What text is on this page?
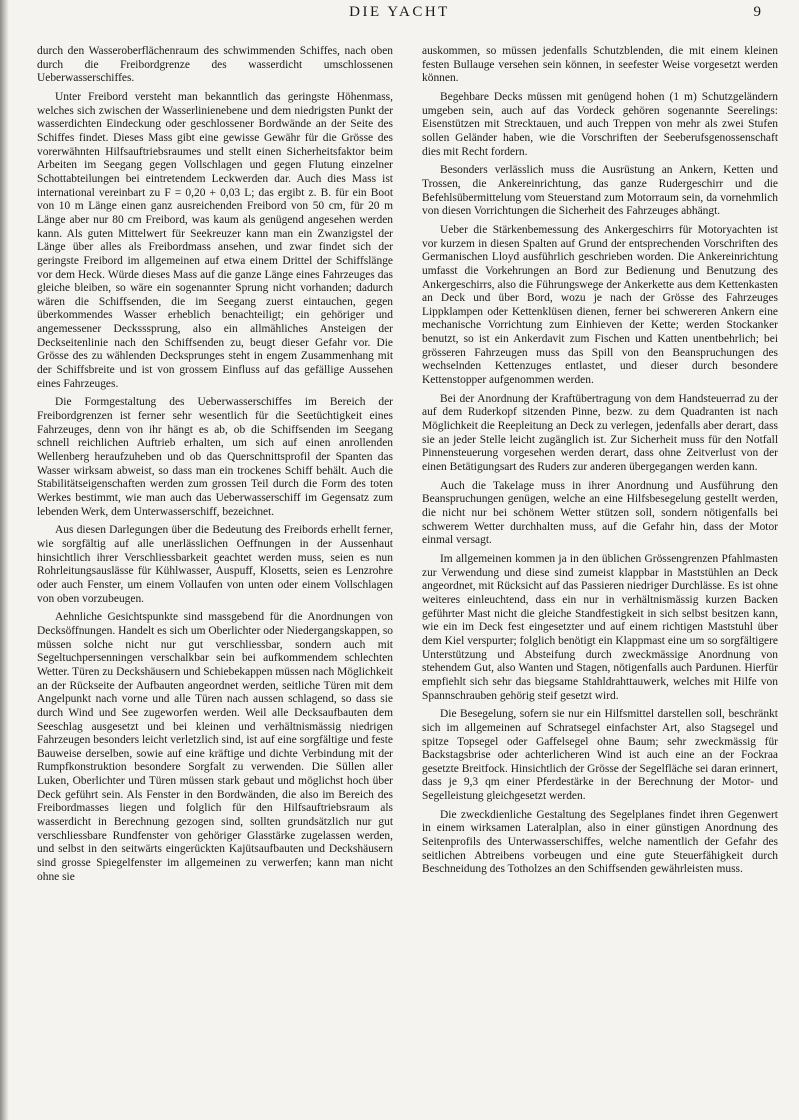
DIE YACHT	9

durch den Wasseroberflächenraum des schwimmenden Schiffes, nach oben durch die Freibordgrenze des wasserdicht umschlossenen Ueberwasserschiffes.

Unter Freibord versteht man bekanntlich das geringste Höhenmass, welches sich zwischen der Wasserlinienebene und dem niedrigsten Punkt der wasserdichten Eindeckung oder geschlossener Bordwände an der Seite des Schiffes findet. Dieses Mass gibt eine gewisse Gewähr für die Grösse des vorerwähnten Hilfsauftriebsraumes und stellt einen Sicherheitsfaktor beim Arbeiten im Seegang gegen Vollschlagen und gegen Flutung einzelner Schottabteilungen bei eintretendem Leckwerden dar. Auch dies Mass ist international vereinbart zu F = 0,20 + 0,03 L; das ergibt z. B. für ein Boot von 10 m Länge einen ganz ausreichenden Freibord von 50 cm, für 20 m Länge aber nur 80 cm Freibord, was kaum als genügend angesehen werden kann. Als guten Mittelwert für Seekreuzer kann man ein Zwanzigstel der Länge über alles als Freibordmass ansehen, und zwar findet sich der geringste Freibord im allgemeinen auf etwa einem Drittel der Schiffslänge vor dem Heck. Würde dieses Mass auf die ganze Länge eines Fahrzeuges das gleiche bleiben, so wäre ein sogenannter Sprung nicht vorhanden; dadurch wären die Schiffsenden, die im Seegang zuerst eintauchen, gegen überkommendes Wasser erheblich benachteiligt; ein gehöriger und angemessener Decksssprung, also ein allmähliches Ansteigen der Deckseitenlinie nach den Schiffsenden zu, beugt dieser Gefahr vor. Die Grösse des zu wählenden Decksprunges steht in engem Zusammenhang mit der Schiffsbreite und ist von grossem Einfluss auf das gefällige Aussehen eines Fahrzeuges.

Die Formgestaltung des Ueberwasserschiffes im Bereich der Freibordgrenzen ist ferner sehr wesentlich für die Seetüchtigkeit eines Fahrzeuges, denn von ihr hängt es ab, ob die Schiffsenden im Seegang schnell reichlichen Auftrieb erhalten, um sich auf einen anrollenden Wellenberg heraufzuheben und ob das Querschnittsprofil der Spanten das Wasser wirksam abweist, so dass man ein trockenes Schiff behält. Auch die Stabilitätseigenschaften werden zum grossen Teil durch die Form des toten Werkes bestimmt, wie man auch das Ueberwasserschiff im Gegensatz zum lebenden Werk, dem Unterwasserschiff, bezeichnet.

Aus diesen Darlegungen über die Bedeutung des Freibords erhellt ferner, wie sorgfältig auf alle unerlässlichen Oeffnungen in der Aussenhaut hinsichtlich ihrer Verschliessbarkeit geachtet werden muss, seien es nun Rohrleitungsauslässe für Kühlwasser, Auspuff, Klosetts, seien es Lenzrohre oder auch Fenster, um einem Vollaufen von unten oder einem Vollschlagen von oben vorzubeugen.

Aehnliche Gesichtspunkte sind massgebend für die Anordnungen von Decksöffnungen. Handelt es sich um Oberlichter oder Niedergangskappen, so müssen solche nicht nur gut verschliessbar, sondern auch mit Segeltuchpersenningen verschalkbar sein bei aufkommendem schlechten Wetter. Türen zu Deckshäusern und Schiebekappen müssen nach Möglichkeit an der Rückseite der Aufbauten angeordnet werden, seitliche Türen mit dem Angelpunkt nach vorne und alle Türen nach aussen schlagend, so dass sie durch Wind und See zugeworfen werden. Weil alle Decksaufbauten dem Seeschlag ausgesetzt und bei kleinen und verhältnismässig niedrigen Fahrzeugen besonders leicht verletzlich sind, ist auf eine sorgfältige und feste Bauweise derselben, sowie auf eine kräftige und dichte Verbindung mit der Rumpfkonstruktion besondere Sorgfalt zu verwenden. Die Süllen aller Luken, Oberlichter und Türen müssen stark gebaut und möglichst hoch über Deck geführt sein. Als Fenster in den Bordwänden, die also im Bereich des Freibordmasses liegen und folglich für den Hilfsauftriebsraum als wasserdicht in Berechnung gezogen sind, sollten grundsätzlich nur gut verschliessbare Rundfenster von gehöriger Glasstärke zugelassen werden, und selbst in den seitwärts eingerückten Kajütsaufbauten und Deckshäusern sind grosse Spiegelfenster im allgemeinen zu verwerfen; kann man nicht ohne sie

auskommen, so müssen jedenfalls Schutzblenden, die mit einem kleinen festen Bullauge versehen sein können, in seefester Weise vorgesetzt werden können.

Begehbare Decks müssen mit genügend hohen (1 m) Schutzgeländern umgeben sein, auch auf das Vordeck gehören sogenannte Seerelings: Eisenstützen mit Strecktauen, und auch Treppen von mehr als zwei Stufen sollen Geländer haben, wie die Vorschriften der Seeberufsgenossenschaft dies mit Recht fordern.

Besonders verlässlich muss die Ausrüstung an Ankern, Ketten und Trossen, die Ankereinrichtung, das ganze Rudergeschirr und die Befehlsübermittelung vom Steuerstand zum Motorraum sein, da vornehmlich von diesen Vorrichtungen die Sicherheit des Fahrzeuges abhängt.

Ueber die Stärkenbemessung des Ankergeschirrs für Motoryachten ist vor kurzem in diesen Spalten auf Grund der entsprechenden Vorschriften des Germanischen Lloyd ausführlich geschrieben worden. Die Ankereinrichtung umfasst die Vorkehrungen an Bord zur Bedienung und Benutzung des Ankergeschirrs, also die Führungswege der Ankerkette aus dem Kettenkasten an Deck und über Bord, wozu je nach der Grösse des Fahrzeuges Lippklampen oder Kettenklüsen dienen, ferner bei schwereren Ankern eine mechanische Vorrichtung zum Einhieven der Kette; werden Stockanker benutzt, so ist ein Ankerdavit zum Fischen und Katten unentbehrlich; bei grösseren Fahrzeugen muss das Spill von den Beanspruchungen des wechselnden Kettenzuges entlastet, und dieser durch besondere Kettenstopper aufgenommen werden.

Bei der Anordnung der Kraftübertragung von dem Handsteuerrad zu der auf dem Ruderkopf sitzenden Pinne, bezw. zu dem Quadranten ist nach Möglichkeit die Reepleitung an Deck zu verlegen, jedenfalls aber derart, dass sie an jeder Stelle leicht zugänglich ist. Zur Sicherheit muss für den Notfall Pinnensteuerung vorgesehen werden derart, dass ohne Zeitverlust von der einen Betätigungsart des Ruders zur anderen übergegangen werden kann.

Auch die Takelage muss in ihrer Anordnung und Ausführung den Beanspruchungen genügen, welche an eine Hilfsbesegelung gestellt werden, die nicht nur bei schönem Wetter stützen soll, sondern nötigenfalls bei schwerem Wetter durchhalten muss, auf die Gefahr hin, dass der Motor einmal versagt.

Im allgemeinen kommen ja in den üblichen Grössengrenzen Pfahlmasten zur Verwendung und diese sind zumeist klappbar in Maststühlen an Deck angeordnet, mit Rücksicht auf das Passieren niedriger Durchlässe. Es ist ohne weiteres einleuchtend, dass ein nur in verhältnismässig kurzen Backen geführter Mast nicht die gleiche Standfestigkeit in sich selbst besitzen kann, wie ein im Deck fest eingesetzter und auf einem richtigen Maststuhl über dem Kiel verspurter; folglich benötigt ein Klappmast eine um so sorgfältigere Unterstützung und Absteifung durch zweckmässige Anordnung von stehendem Gut, also Wanten und Stagen, nötigenfalls auch Pardunen. Hierfür empfiehlt sich sehr das biegsame Stahldrahttauwerk, welches mit Hilfe von Spannschrauben gehörig steif gesetzt wird.

Die Besegelung, sofern sie nur ein Hilfsmittel darstellen soll, beschränkt sich im allgemeinen auf Schratsegel einfachster Art, also Stagsegel und spitze Topsegel oder Gaffelsegel ohne Baum; sehr zweckmässig für Backstagsbrise oder achterlicheren Wind ist auch eine an der Fockraa gesetzte Breitfock. Hinsichtlich der Grösse der Segelfläche sei daran erinnert, dass je 9,3 qm einer Pferdestärke in der Berechnung der Motor- und Segelleistung gleichgesetzt werden.

Die zweckdienliche Gestaltung des Segelplanes findet ihren Gegenwert in einem wirksamen Lateralplan, also in einer günstigen Anordnung des Seitenprofils des Unterwasserschiffes, welche namentlich der Gefahr des seitlichen Abtreibens vorbeugen und eine gute Steuerfähigkeit durch Beschneidung des Totholzes an den Schiffsenden gewährleisten muss.
